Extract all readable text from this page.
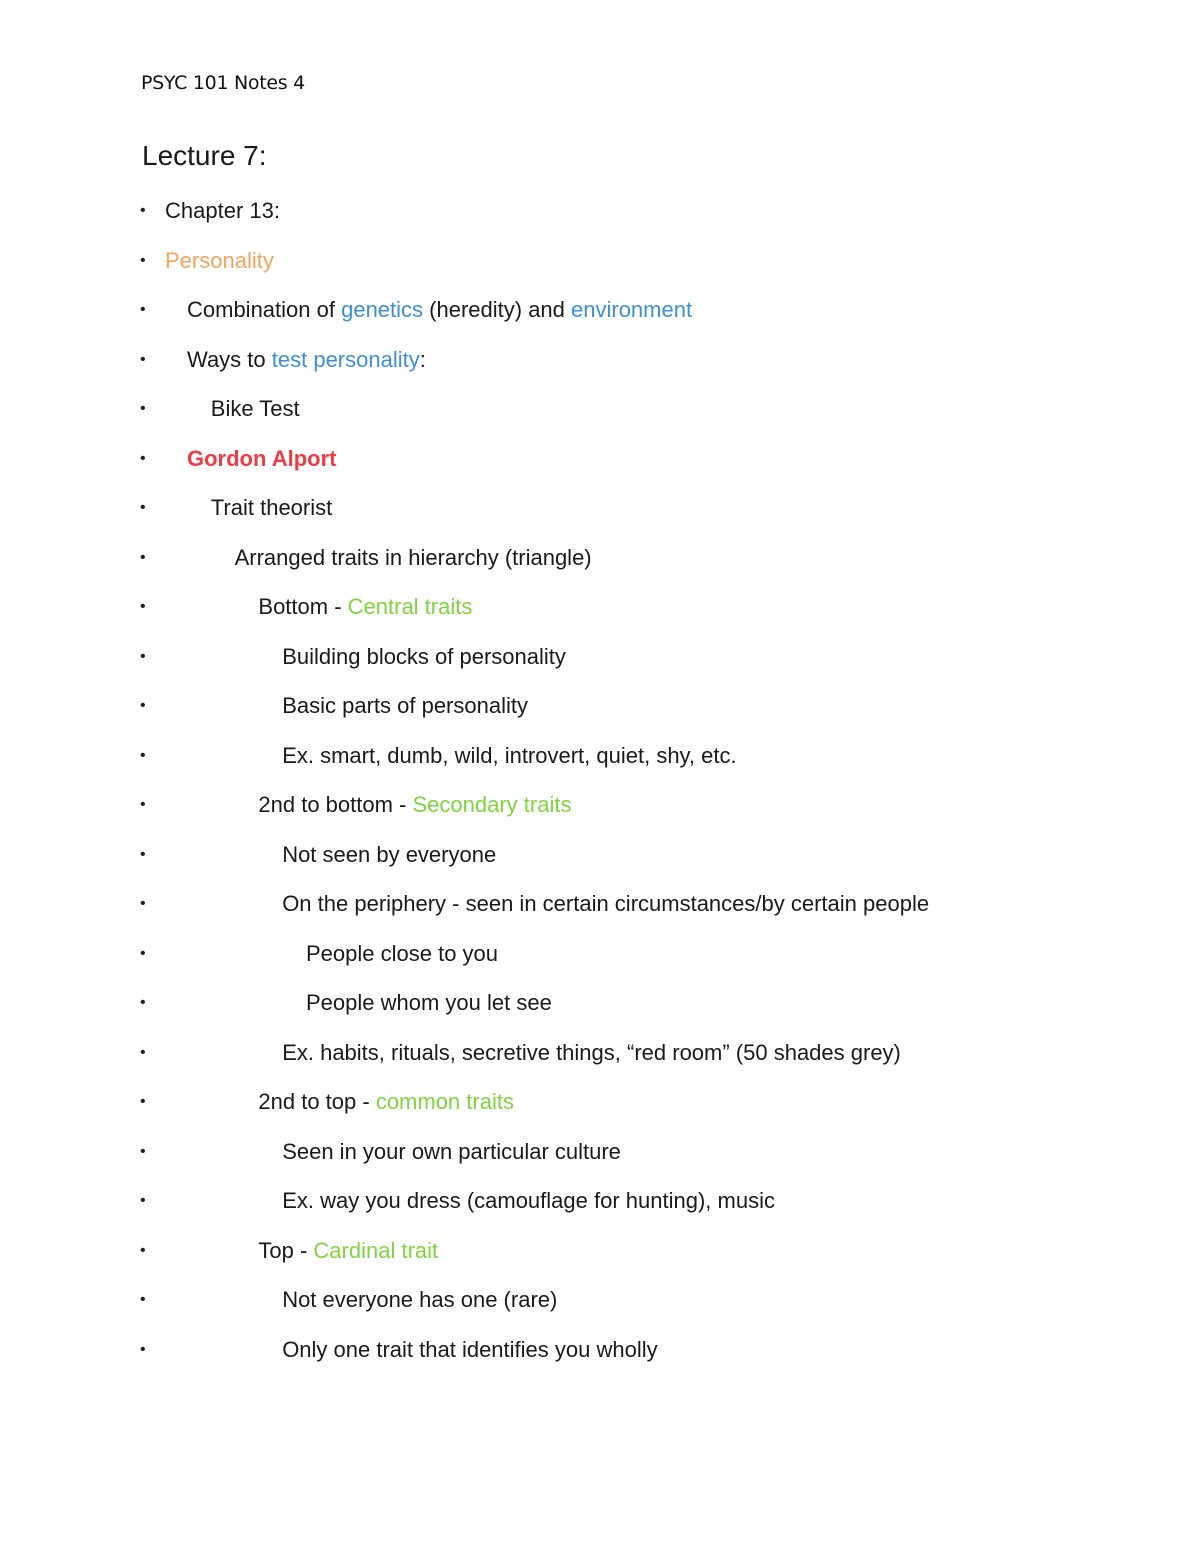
PSYC 101 Notes 4
Lecture 7:
• Chapter 13:
• Personality
• Combination of genetics (heredity) and environment
• Ways to test personality:
•	Bike Test
• Gordon Alport
•	Trait theorist
•	Arranged traits in hierarchy (triangle)
•	Bottom - Central traits
•	Building blocks of personality
•	Basic parts of personality
•	Ex. smart, dumb, wild, introvert, quiet, shy, etc.
•	2nd to bottom - Secondary traits
•	Not seen by everyone
•	On the periphery - seen in certain circumstances/by certain people
•	People close to you
•	People whom you let see
•	Ex. habits, rituals, secretive things, “red room” (50 shades grey)
•	2nd to top - common traits
•	Seen in your own particular culture
•	Ex. way you dress (camouflage for hunting), music
•	Top - Cardinal trait
•	Not everyone has one (rare)
•	Only one trait that identifies you wholly
